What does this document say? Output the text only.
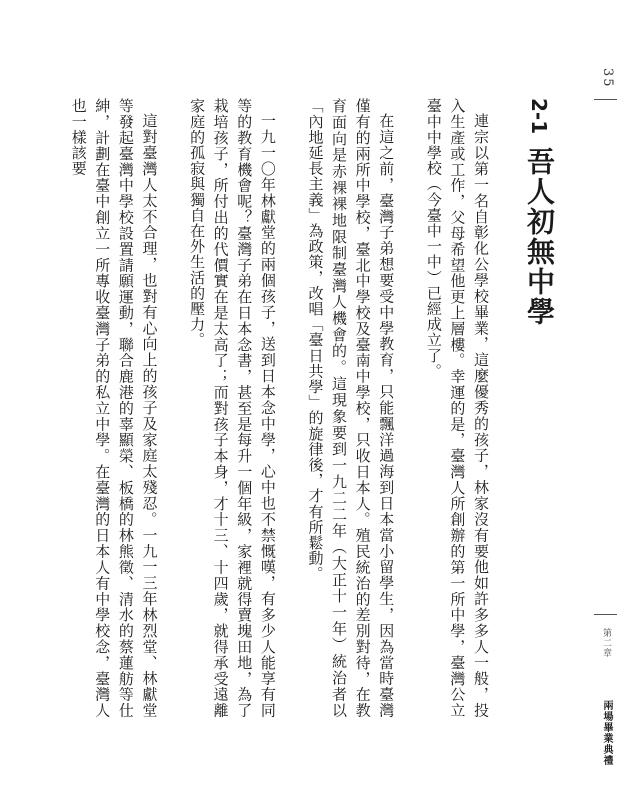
35
第二章
兩場畢業典禮
2-1
吾人初無中學

連宗以第一名自彰化公學校畢業，這麼優秀的孩子，林家沒有要他如許多多人一般，投入生產或工作，父母希望他更上層樓。幸運的是，臺灣人所創辦的第一所中學，臺灣公立臺中中學校（今臺中一中）已經成立了。

在這之前，臺灣子弟想要受中學教育，只能飄洋過海到日本當小留學生，因為當時臺灣僅有的兩所中學校，臺北中學校及臺南中學校，只收日本人。殖民統治的差別對待，在教育面向是赤裸裸地限制臺灣人機會的。這現象要到一九二二年（大正十一年）統治者以「內地延長主義」為政策，改唱「臺日共學」的旋律後，才有所鬆動。

一九一〇年林獻堂的兩個孩子，送到日本念中學，心中也不禁慨嘆，有多少人能享有同等的教育機會呢？臺灣子弟在日本念書，甚至是每升一個年級，家裡就得賣塊田地，為了栽培孩子，所付出的代價實在是太高了；而對孩子本身，才十三、十四歲，就得承受遠離家庭的孤寂與獨自在外生活的壓力。

這對臺灣人太不合理，也對有心向上的孩子及家庭太殘忍。一九一三年林烈堂、林獻堂等發起臺灣中學校設置請願運動，聯合鹿港的辜顯榮、板橋的林熊徵、清水的蔡蓮舫等仕紳，計劃在臺中創立一所專收臺灣子弟的私立中學。在臺灣的日本人有中學校念，臺灣人也一樣該要
